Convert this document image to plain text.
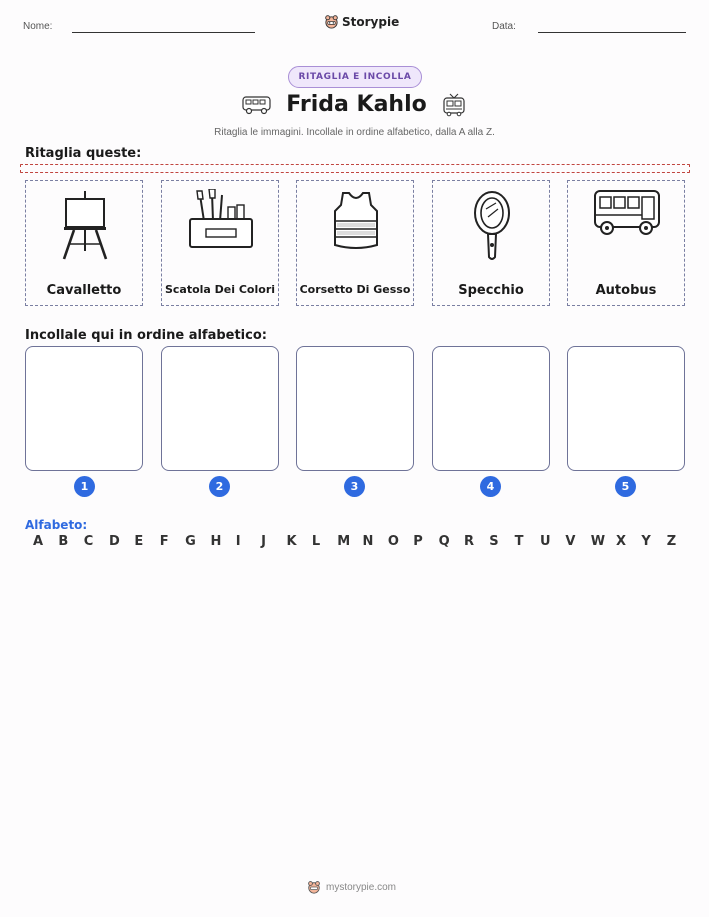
Nome:	Storypie	Data:
RITAGLIA E INCOLLA
Frida Kahlo
Ritaglia le immagini. Incollale in ordine alfabetico, dalla A alla Z.
Ritaglia queste:
Cavalletto	Scatola Dei Colori Corsetto Di Gesso	Specchio	Autobus
Incollale qui in ordine alfabetico:
1	2	3	4	5
Alfabeto:
A B C D E F G H I J K L M N O P Q R S T U V W X Y Z
mystorypie.com
